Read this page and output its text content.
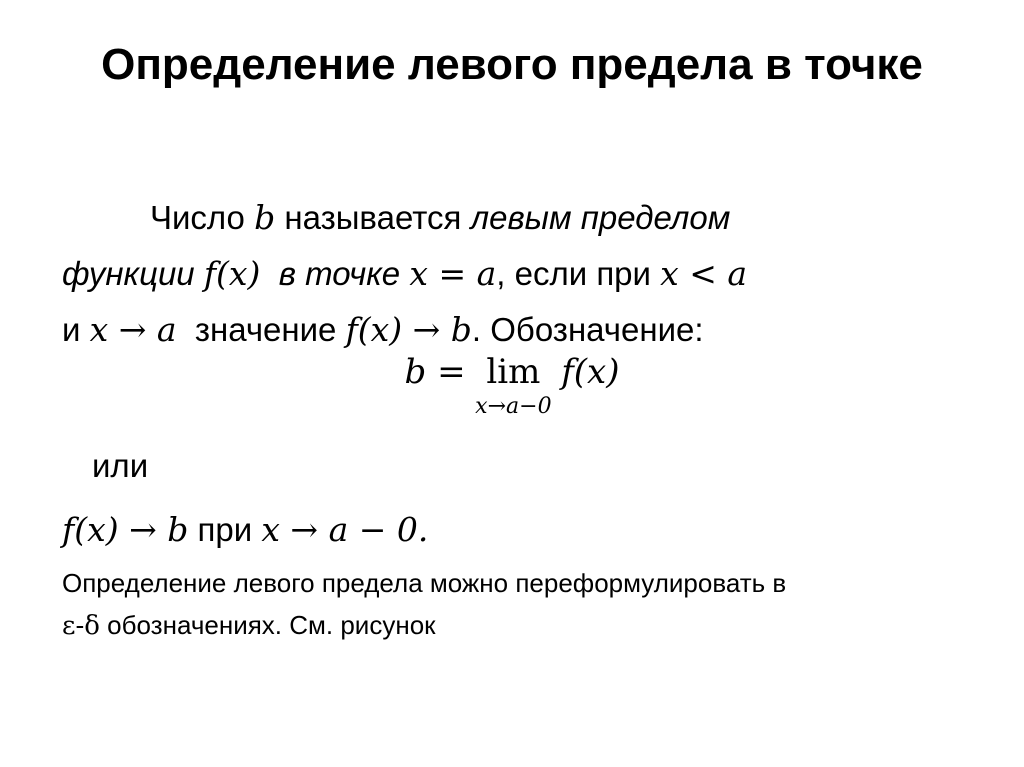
Определение левого предела в точке
Число b называется левым пределом
функции f(x) в точке x = a, если при x < a
и x → a значение f(x) → b. Обозначение:
b = lim
x→a−0
f(x)
или
f(x) → b при x → a − 0.
Определение левого предела можно переформулировать в
ε-δ обозначениях. См. рисунок
